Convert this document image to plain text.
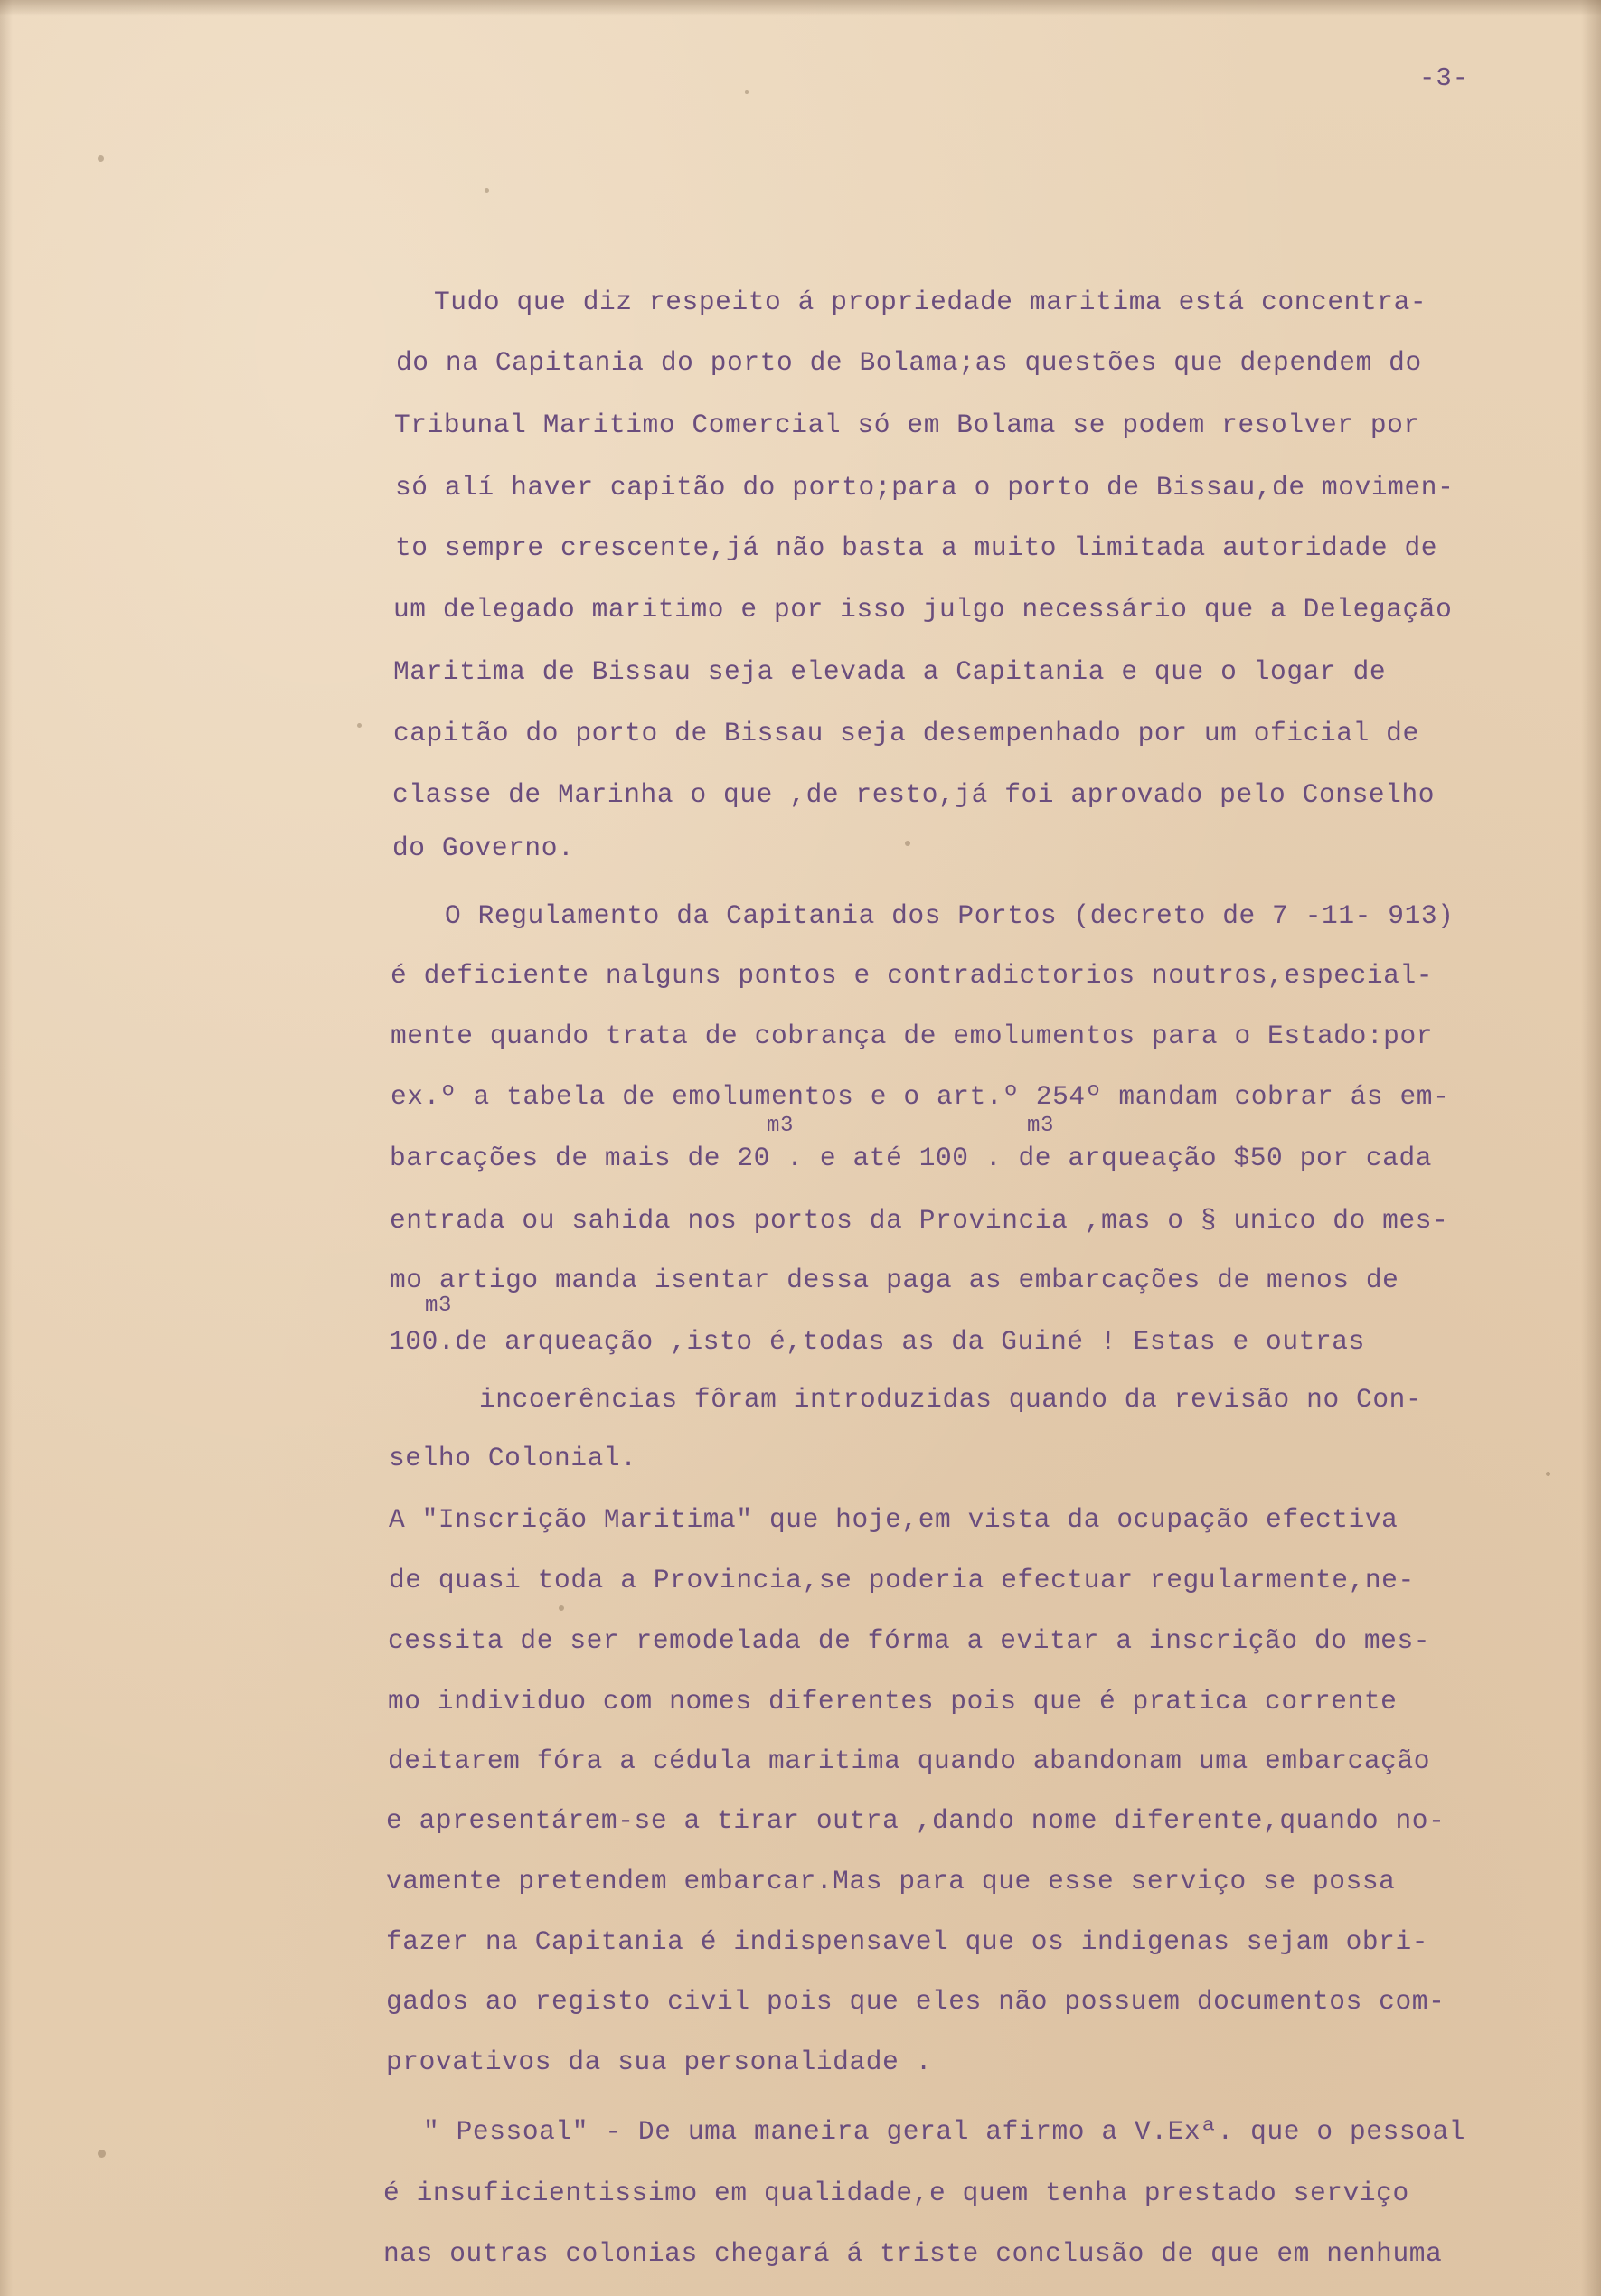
-3-
Tudo que diz respeito á propriedade maritima está concentra-
do na Capitania do porto de Bolama;as questões que dependem do
Tribunal Maritimo Comercial só em Bolama se podem resolver por
só alí haver capitão do porto;para o porto de Bissau,de movimen-
to sempre crescente,já não basta a muito limitada autoridade de
um delegado maritimo e por isso julgo necessário que a Delegação
Maritima de Bissau seja elevada a Capitania e que o logar de
capitão do porto de Bissau seja desempenhado por um oficial de
classe de Marinha o que ,de resto,já foi aprovado pelo Conselho
do Governo.
O Regulamento da Capitania dos Portos (decreto de 7 -11- 913)
é deficiente nalguns pontos e contradictorios noutros,especial-
mente quando trata de cobrança de emolumentos para o Estado:por
ex.º a tabela de emolumentos e o art.º 254º mandam cobrar ás em-
m3	m3
barcações de mais de 20 . e até 100 . de arqueação $50 por cada
entrada ou sahida nos portos da Provincia ,mas o § unico do mes-
mo artigo manda isentar dessa paga as embarcações de menos de
m3
100.de arqueação ,isto é,todas as da Guiné ! Estas e outras
incoerências fôram introduzidas quando da revisão no Con-
selho Colonial.
A "Inscrição Maritima" que hoje,em vista da ocupação efectiva
de quasi toda a Provincia,se poderia efectuar regularmente,ne-
cessita de ser remodelada de fórma a evitar a inscrição do mes-
mo individuo com nomes diferentes pois que é pratica corrente
deitarem fóra a cédula maritima quando abandonam uma embarcação
e apresentárem-se a tirar outra ,dando nome diferente,quando no-
vamente pretendem embarcar.Mas para que esse serviço se possa
fazer na Capitania é indispensavel que os indigenas sejam obri-
gados ao registo civil pois que eles não possuem documentos com-
provativos da sua personalidade .
" Pessoal" - De uma maneira geral afirmo a V.Exª. que o pessoal
é insuficientissimo em qualidade,e quem tenha prestado serviço
nas outras colonias chegará á triste conclusão de que em nenhuma
